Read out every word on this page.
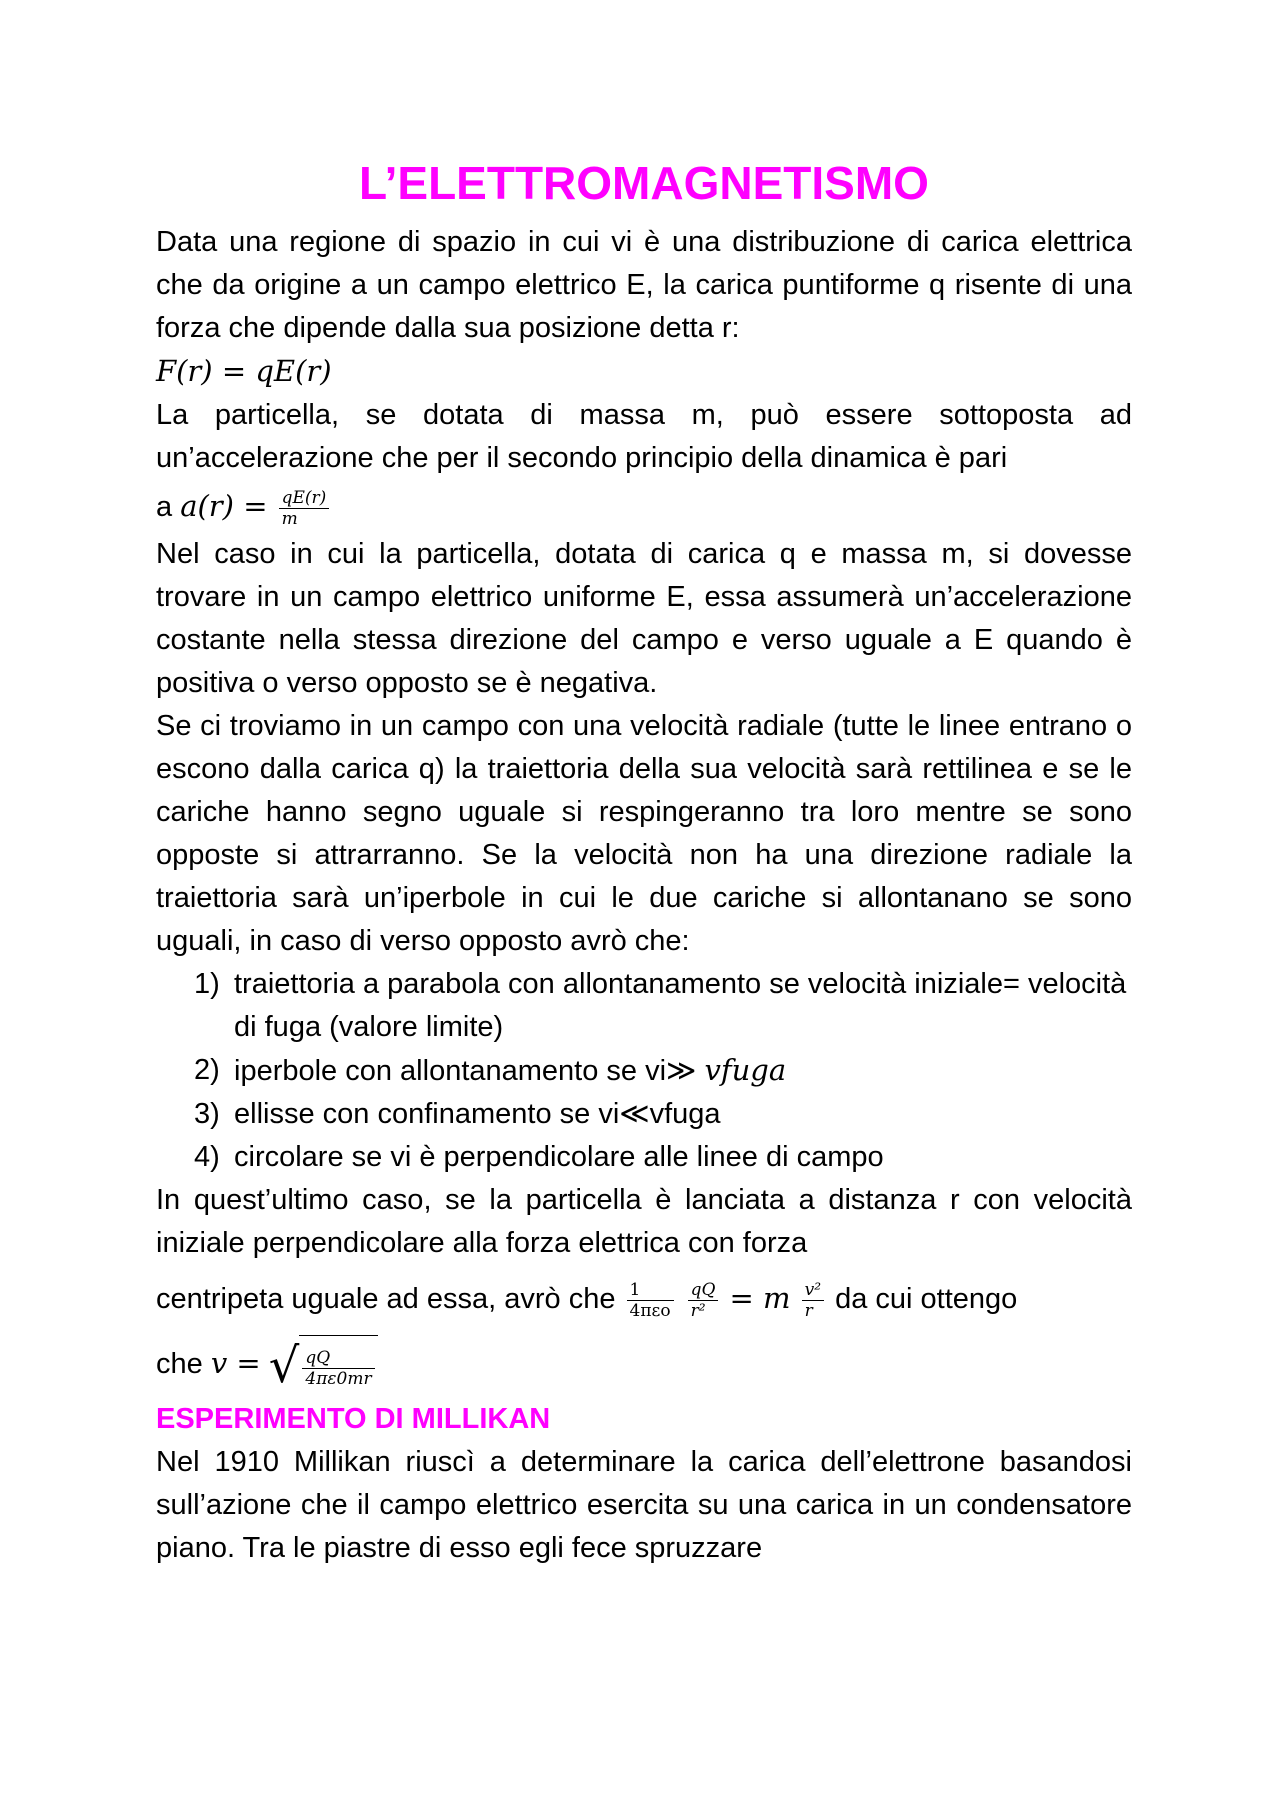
L’ELETTROMAGNETISMO

Data una regione di spazio in cui vi è una distribuzione di carica elettrica che da origine a un campo elettrico E, la carica puntiforme q risente di una forza che dipende dalla sua posizione detta r:

F(r) = qE(r)

La particella, se dotata di massa m, può essere sottoposta ad un’accelerazione che per il secondo principio della dinamica è pari

a $a(r) = \frac{qE(r)}{m}$

Nel caso in cui la particella, dotata di carica q e massa m, si dovesse trovare in un campo elettrico uniforme E, essa assumerà un’accelerazione costante nella stessa direzione del campo e verso uguale a E quando è positiva o verso opposto se è negativa.

Se ci troviamo in un campo con una velocità radiale (tutte le linee entrano o escono dalla carica q) la traiettoria della sua velocità sarà rettilinea e se le cariche hanno segno uguale si respingeranno tra loro mentre se sono opposte si attrarranno. Se la velocità non ha una direzione radiale la traiettoria sarà un’iperbole in cui le due cariche si allontanano se sono uguali, in caso di verso opposto avrò che:

1) traiettoria a parabola con allontanamento se velocità iniziale= velocità di fuga (valore limite)
2) iperbole con allontanamento se vi≫ vfuga
3) ellisse con confinamento se vi≪vfuga
4) circolare se vi è perpendicolare alle linee di campo

In quest’ultimo caso, se la particella è lanciata a distanza r con velocità iniziale perpendicolare alla forza elettrica con forza

centripeta uguale ad essa, avrò che $\frac{1}{\text{4πεο}}$
$\frac{qQ}{\text{r²}} = m \frac{\text{v²}}{r}$ da cui ottengo

che v = √ $\frac{qQ}{4\pi\varepsilon 0mr}$

ESPERIMENTO DI MILLIKAN

Nel 1910 Millikan riuscì a determinare la carica dell’elettrone basandosi sull’azione che il campo elettrico esercita su una carica in un condensatore piano. Tra le piastre di esso egli fece spruzzare
